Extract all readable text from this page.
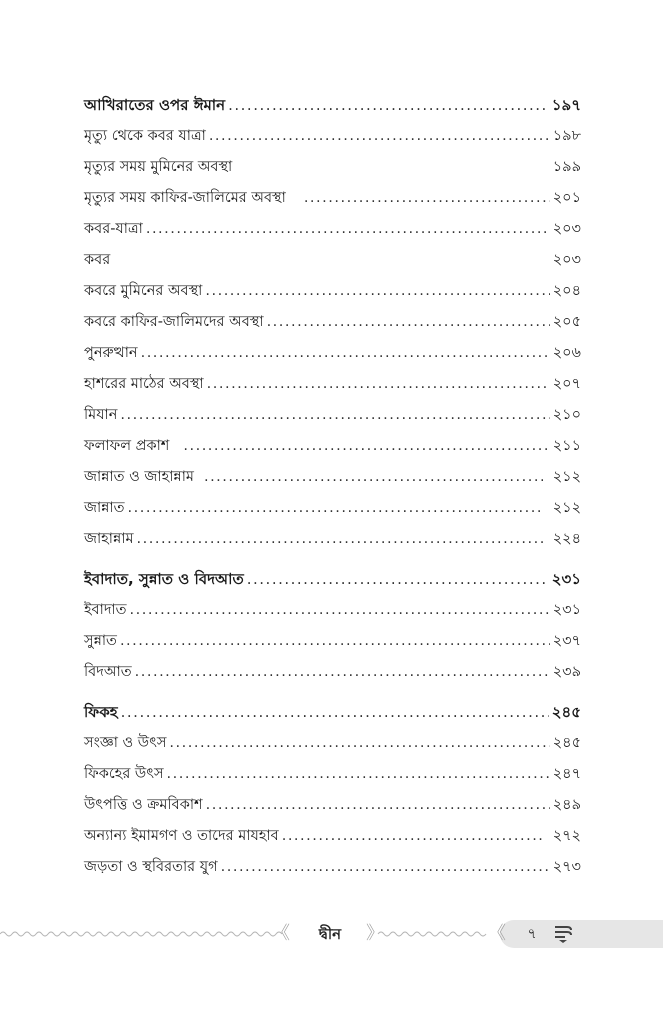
আখিরাতের ওপর ঈমান .....	১৯৭
মৃত্যু থেকে কবর যাত্রা .....	১৯৮
মৃত্যুর সময় মুমিনের অবস্থা	১৯৯
মৃত্যুর সময় কাফির-জালিমের অবস্থা .....	২০১
কবর-যাত্রা .....	২০৩
কবর	২০৩
কবরে মুমিনের অবস্থা .....	২০৪
কবরে কাফির-জালিমদের অবস্থা .....	২০৫
পুনরুত্থান .....	২০৬
হাশরের মাঠের অবস্থা .....	২০৭
মিযান .....	২১০
ফলাফল প্রকাশ .....	২১১
জান্নাত ও জাহান্নাম .....	২১২
জান্নাত .....	২১২
জাহান্নাম .....	২২৪
ইবাদাত, সুন্নাত ও বিদআত .....	২৩১
ইবাদাত .....	২৩১
সুন্নাত .....	২৩৭
বিদআত .....	২৩৯
ফিকহ .....	২৪৫
সংজ্ঞা ও উৎস .....	২৪৫
ফিকহের উৎস .....	২৪৭
উৎপত্তি ও ক্রমবিকাশ .....	২৪৯
অন্যান্য ইমামগণ ও তাদের মাযহাব .....	২৭২
জড়তা ও স্থবিরতার যুগ .....	২৭৩
《	দ্বীন	》	《	৭
